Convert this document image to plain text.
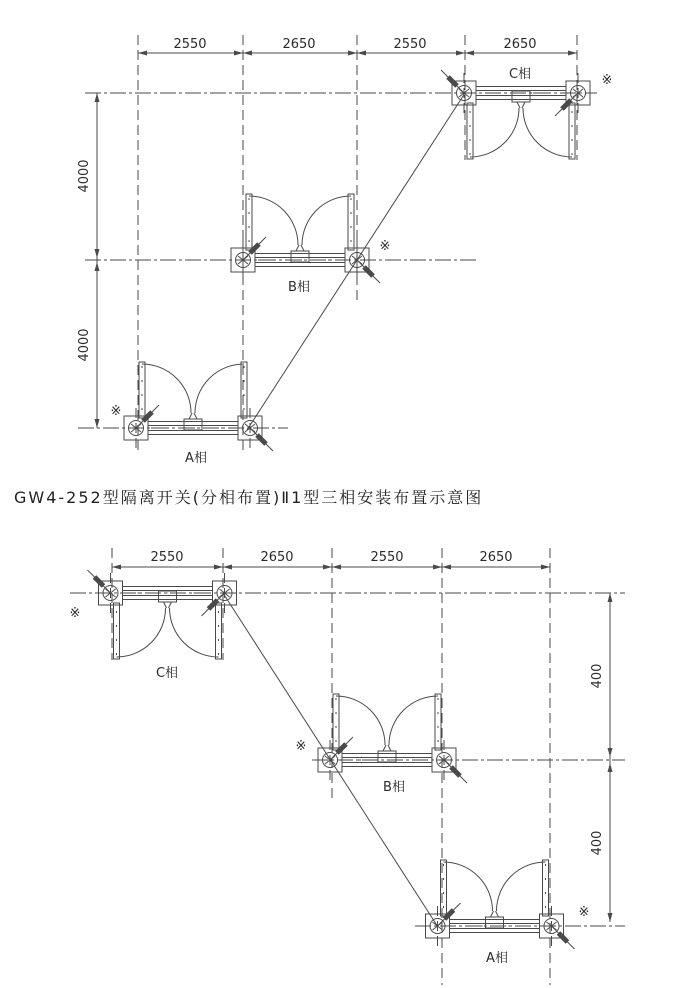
2550	2650	2550	2650
4000
4000
C相
B相
A相
※
※
※
GW4-252型隔离开关(分相布置)Ⅱ1型三相安装布置示意图
2550	2650	2550	2650
400
400
C相
B相
A相
※
※
※
